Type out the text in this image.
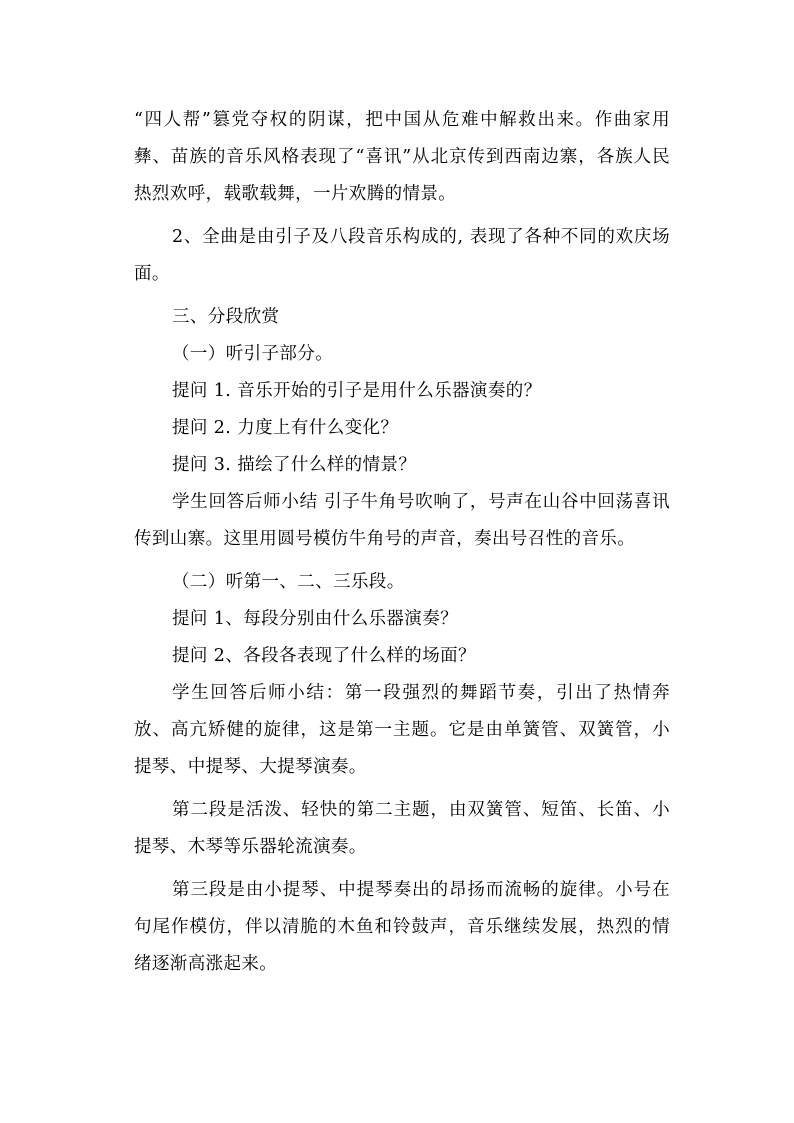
“四人帮”篡党夺权的阴谋，把中国从危难中解救出来。作曲家用彝、苗族的音乐风格表现了“喜讯”从北京传到西南边寨，各族人民热烈欢呼，载歌载舞，一片欢腾的情景。

2、全曲是由引子及八段音乐构成的, 表现了各种不同的欢庆场面。

三、分段欣赏

（一）听引子部分。

提问 1. 音乐开始的引子是用什么乐器演奏的？

提问 2. 力度上有什么变化？

提问 3. 描绘了什么样的情景？

学生回答后师小结 引子牛角号吹响了，号声在山谷中回荡喜讯传到山寨。这里用圆号模仿牛角号的声音，奏出号召性的音乐。

（二）听第一、二、三乐段。

提问 1、每段分别由什么乐器演奏？

提问 2、各段各表现了什么样的场面？

学生回答后师小结：第一段强烈的舞蹈节奏，引出了热情奔放、高亢矫健的旋律，这是第一主题。它是由单簧管、双簧管，小提琴、中提琴、大提琴演奏。

第二段是活泼、轻快的第二主题，由双簧管、短笛、长笛、小提琴、木琴等乐器轮流演奏。

第三段是由小提琴、中提琴奏出的昂扬而流畅的旋律。小号在句尾作模仿，伴以清脆的木鱼和铃鼓声，音乐继续发展，热烈的情绪逐渐高涨起来。
